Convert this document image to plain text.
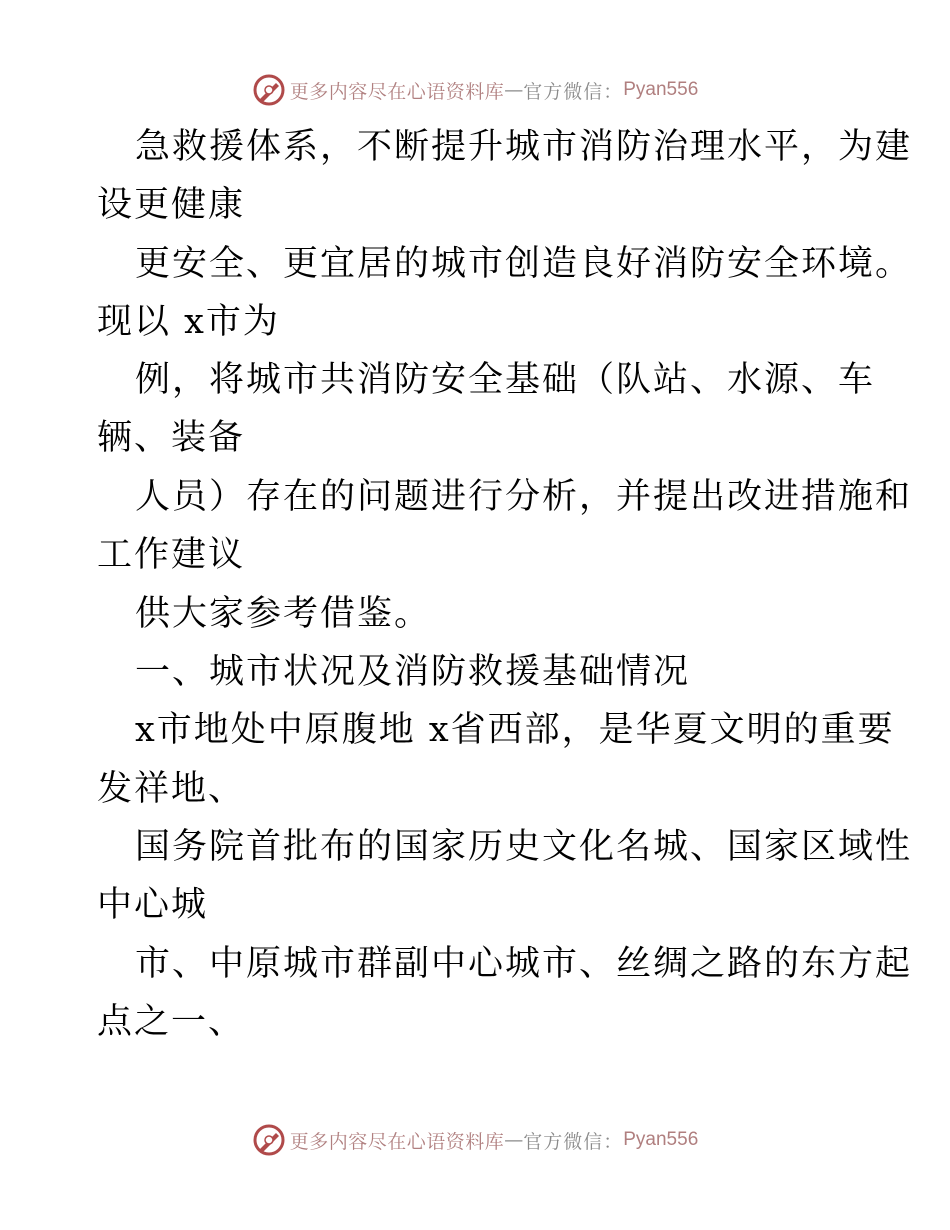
更多内容尽在心语资料库 — 官方微信： Pyan556
急救援体系，不断提升城市消防治理水平，为建
设更健康
更安全、更宜居的城市创造良好消防安全环境。
现以 x市为
例，将城市共消防安全基础（队站、水源、车
辆、装备
人员）存在的问题进行分析，并提出改进措施和
工作建议
供大家参考借鉴。
一、城市状况及消防救援基础情况
x市地处中原腹地 x省西部，是华夏文明的重要
发祥地、
国务院首批布的国家历史文化名城、国家区域性
中心城
市、中原城市群副中心城市、丝绸之路的东方起
点之一、
更多内容尽在心语资料库 — 官方微信： Pyan556
